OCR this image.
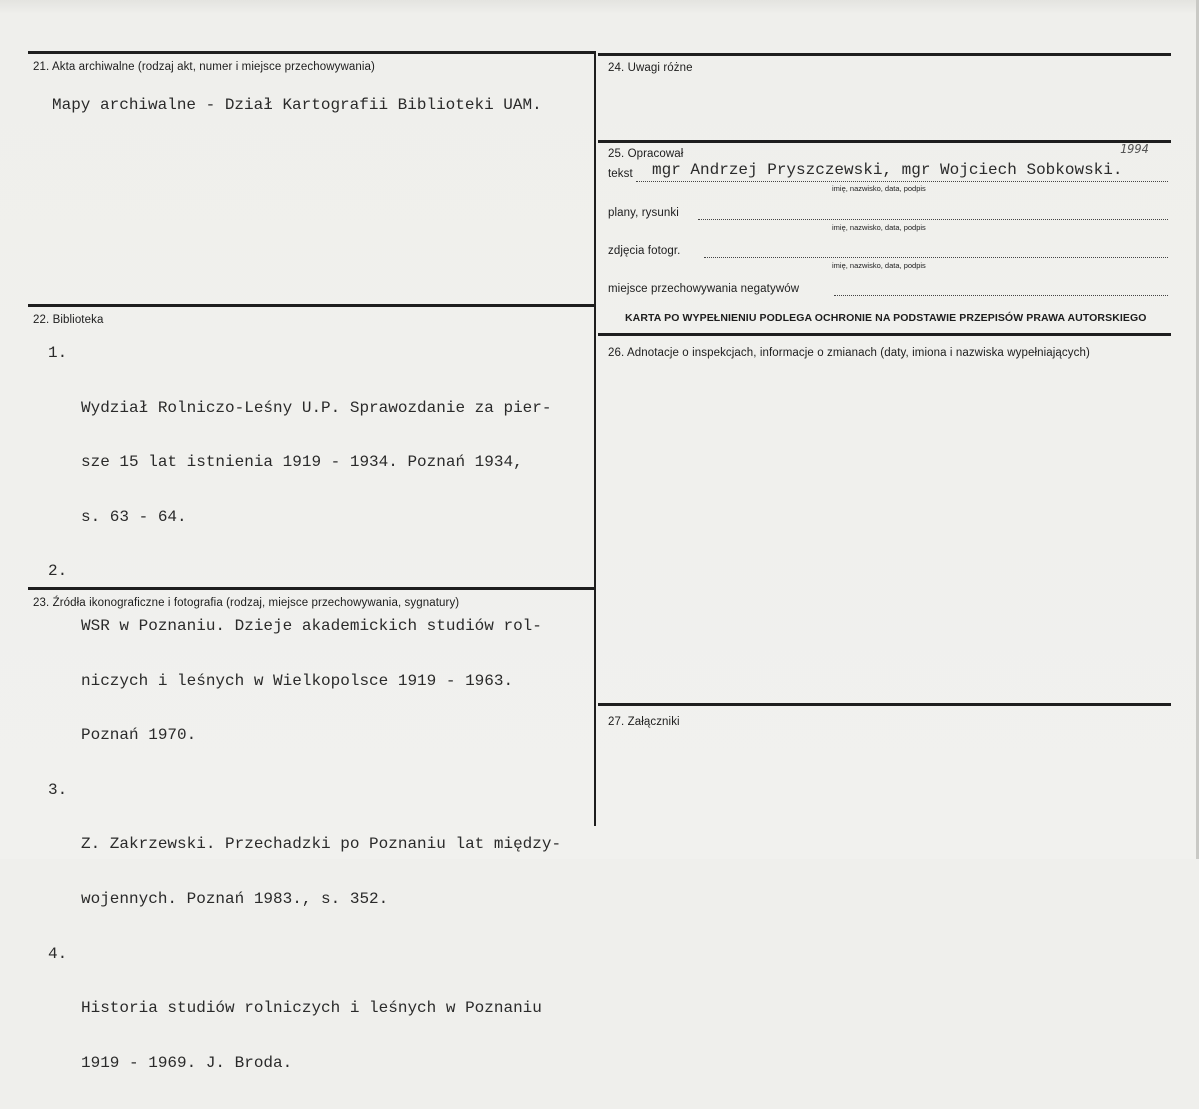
21. Akta archiwalne (rodzaj akt, numer i miejsce przechowywania)
Mapy archiwalne - Dział Kartografii Biblioteki UAM.
22. Biblioteka

1.

Wydział Rolniczo-Leśny U.P. Sprawozdanie za pier-

sze 15 lat istnienia 1919 - 1934. Poznań 1934,

s. 63 - 64.

2.

WSR w Poznaniu. Dzieje akademickich studiów rol-

niczych i leśnych w Wielkopolsce 1919 - 1963.

Poznań 1970.

3.

Z. Zakrzewski. Przechadzki po Poznaniu lat między-

wojennych. Poznań 1983., s. 352.

4.

Historia studiów rolniczych i leśnych w Poznaniu

1919 - 1969. J. Broda.

23. Źródła ikonograficzne i fotografia (rodzaj, miejsce przechowywania, sygnatury)
24. Uwagi różne
25. Opracował	1994
tekst mgr Andrzej Pryszczewski, mgr Wojciech Sobkowski.
imię, nazwisko, data, podpis
plany, rysunki
imię, nazwisko, data, podpis
zdjęcia fotogr.
imię, nazwisko, data, podpis
miejsce przechowywania negatywów
KARTA PO WYPEŁNIENIU PODLEGA OCHRONIE NA PODSTAWIE PRZEPISÓW PRAWA AUTORSKIEGO
26. Adnotacje o inspekcjach, informacje o zmianach (daty, imiona i nazwiska wypełniających)
27. Załączniki
